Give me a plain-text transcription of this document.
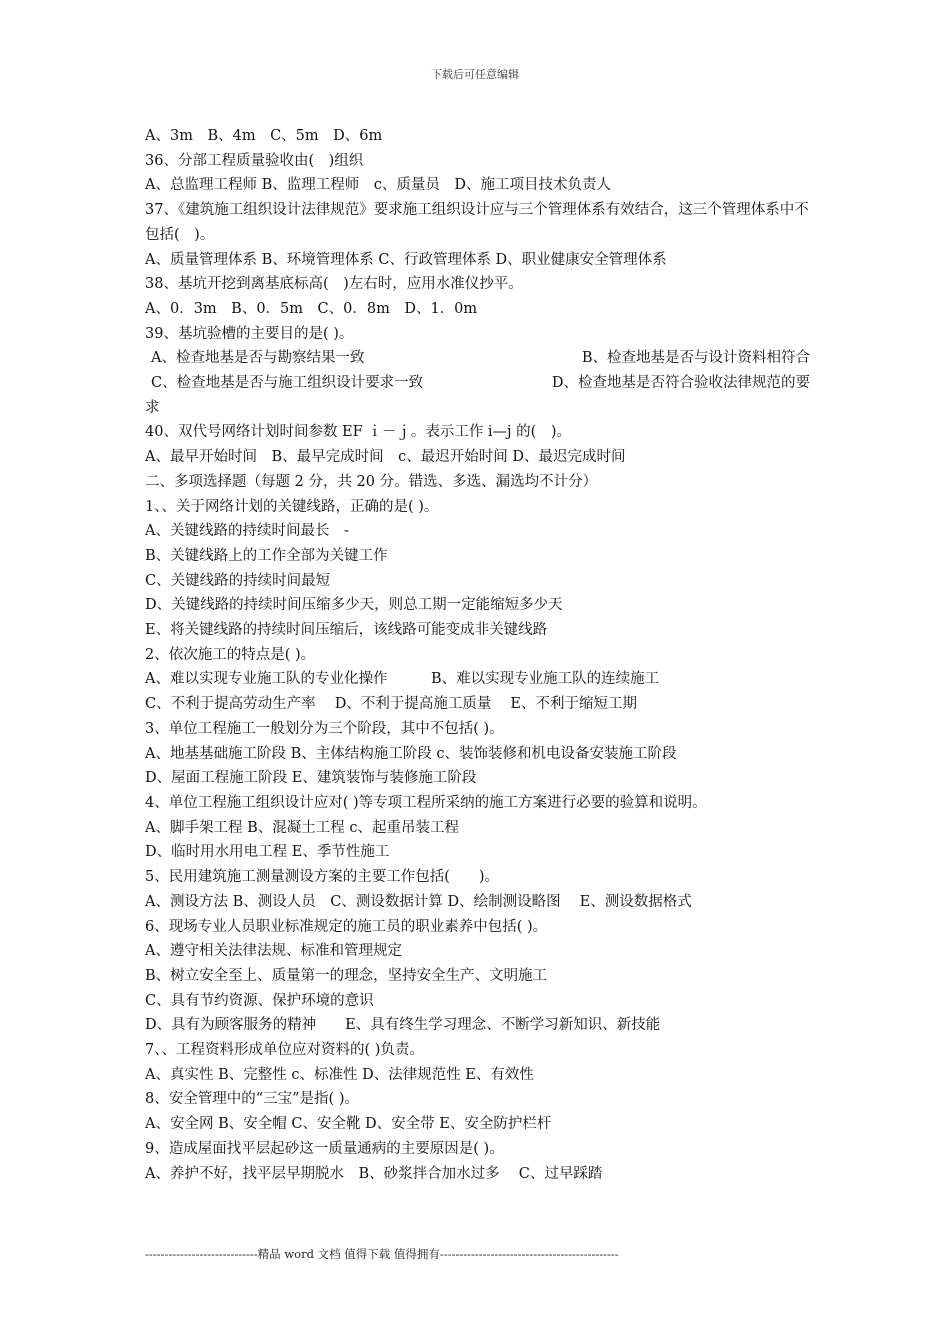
下载后可任意编辑
A、3m　B、4m　C、5m　D、6m
36、分部工程质量验收由(　)组织
A、总监理工程师 B、监理工程师　c、质量员　D、施工项目技术负责人
37、《建筑施工组织设计法律规范》要求施工组织设计应与三个管理体系有效结合，这三个管理体系中不包括(　)。
A、质量管理体系 B、环境管理体系 C、行政管理体系 D、职业健康安全管理体系
38、基坑开挖到离基底标高(　)左右时，应用水准仪抄平。
A、0．3m　B、0．5m　C、0．8m　D、1．0m
39、基坑验槽的主要目的是( )。
A、检查地基是否与勘察结果一致	B、检查地基是否与设计资料相符合
C、检查地基是否与施工组织设计要求一致	D、检查地基是否符合验收法律规范的要
求
40、双代号网络计划时间参数 EF ｉ－ｊ。表示工作 i—j 的(　)。
A、最早开始时间　B、最早完成时间　c、最迟开始时间 D、最迟完成时间
二、多项选择题（每题 2 分，共 20 分。错选、多选、漏选均不计分）
1、、关于网络计划的关键线路，正确的是( )。
A、关键线路的持续时间最长　-
B、关键线路上的工作全部为关键工作
C、关键线路的持续时间最短
D、关键线路的持续时间压缩多少天，则总工期一定能缩短多少天
E、将关键线路的持续时间压缩后，该线路可能变成非关键线路
2、依次施工的特点是( )。
A、难以实现专业施工队的专业化操作　　　B、难以实现专业施工队的连续施工
C、不利于提高劳动生产率　 D、不利于提高施工质量　 E、不利于缩短工期
3、单位工程施工一般划分为三个阶段，其中不包括( )。
A、地基基础施工阶段 B、主体结构施工阶段 c、装饰装修和机电设备安装施工阶段
D、屋面工程施工阶段 E、建筑装饰与装修施工阶段
4、单位工程施工组织设计应对( )等专项工程所采纳的施工方案进行必要的验算和说明。
A、脚手架工程 B、混凝土工程 c、起重吊装工程
D、临时用水用电工程 E、季节性施工
5、民用建筑施工测量测设方案的主要工作包括(　　)。
A、测设方法 B、测设人员　C、测设数据计算 D、绘制测设略图　 E、测设数据格式
6、现场专业人员职业标准规定的施工员的职业素养中包括( )。
A、遵守相关法律法规、标准和管理规定
B、树立安全至上、质量第一的理念，坚持安全生产、文明施工
C、具有节约资源、保护环境的意识
D、具有为顾客服务的精神　　E、具有终生学习理念、不断学习新知识、新技能
7、、工程资料形成单位应对资料的( )负责。
A、真实性 B、完整性 c、标准性 D、法律规范性 E、有效性
8、安全管理中的“三宝”是指( )。
A、安全网 B、安全帽 C、安全靴 D、安全带 E、安全防护栏杆
9、造成屋面找平层起砂这一质量通病的主要原因是( )。
A、养护不好，找平层早期脱水　B、砂浆拌合加水过多　 C、过早踩踏
-----------------------------精品 word 文档 值得下载 值得拥有----------------------------------------------
